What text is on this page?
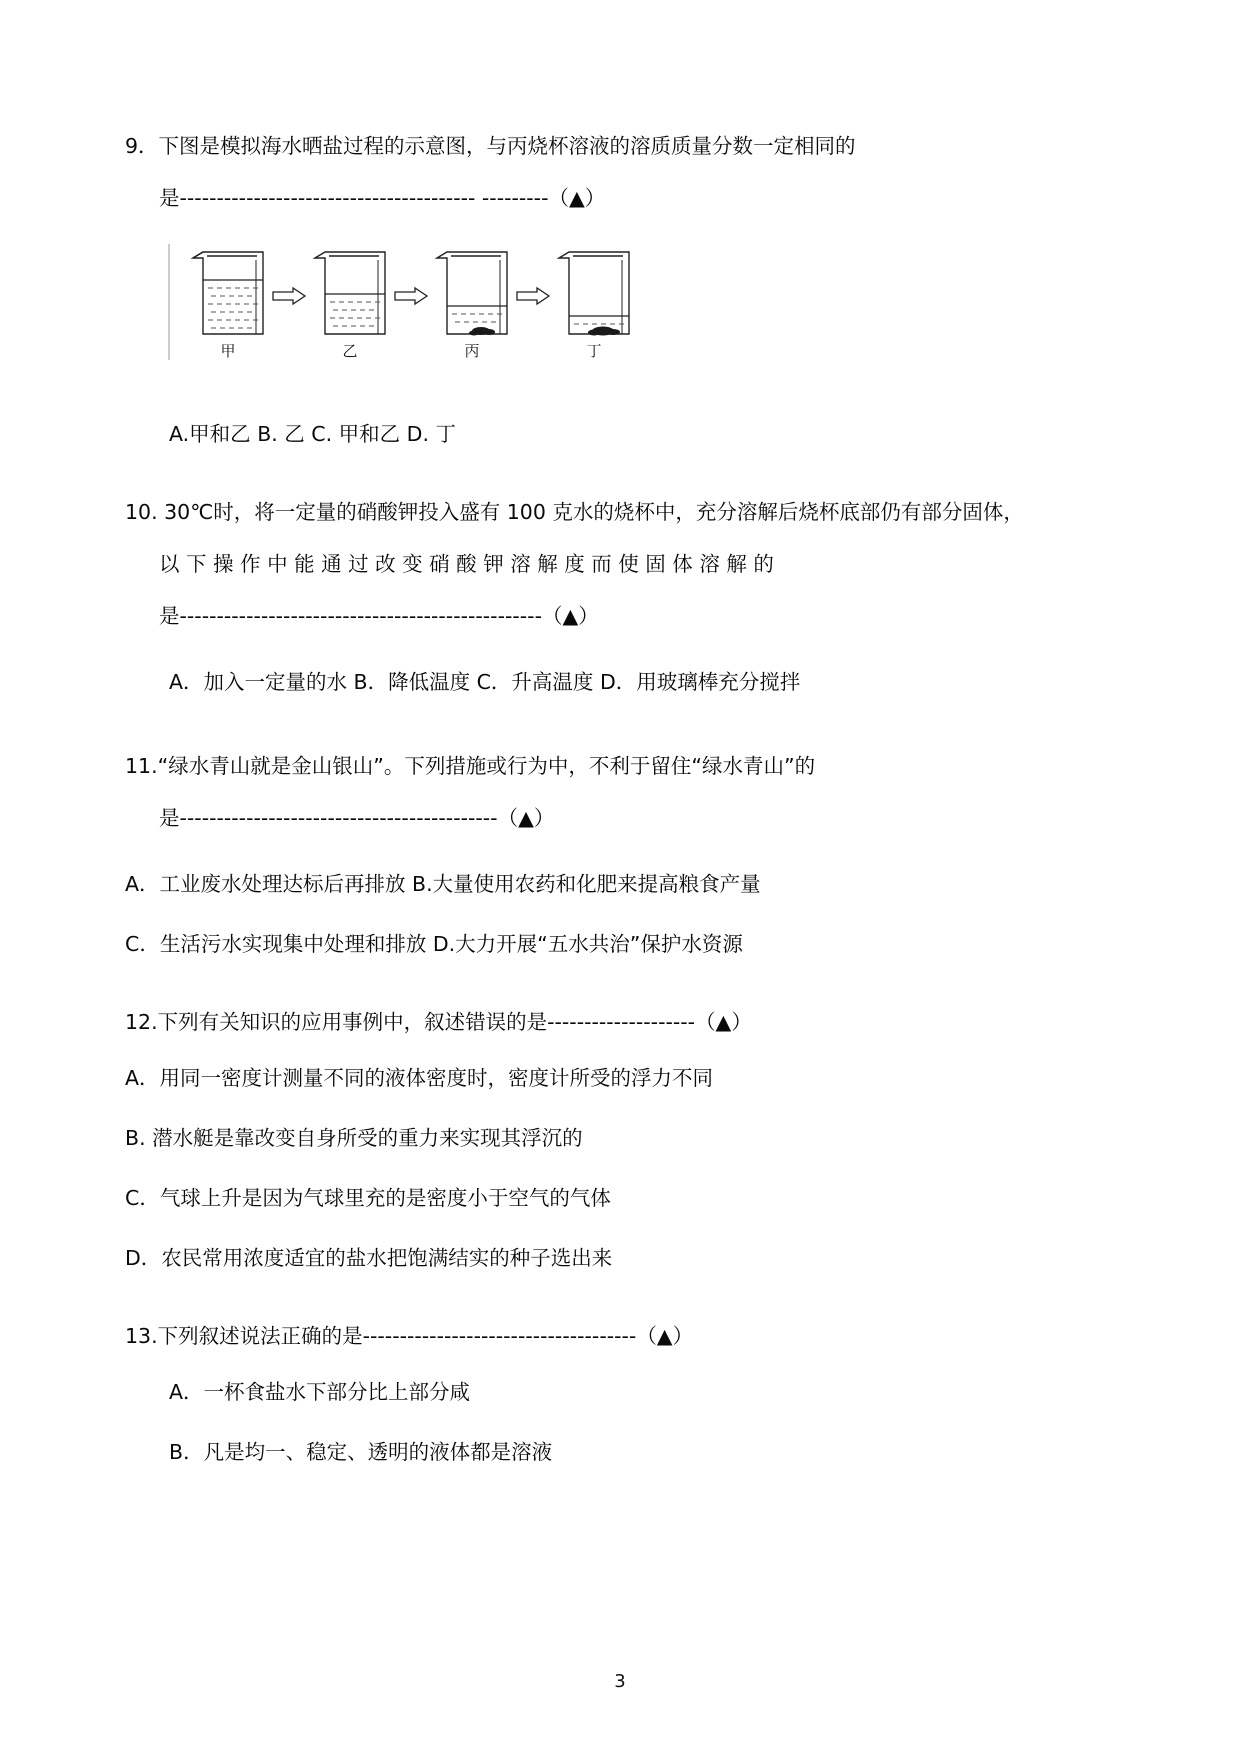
9．下图是模拟海水晒盐过程的示意图，与丙烧杯溶液的溶质质量分数一定相同的
是---------------------------------------- ---------（▲）
甲	乙	丙	丁
A.甲和乙 B. 乙 C. 甲和乙 D. 丁
10. 30℃时，将一定量的硝酸钾投入盛有 100 克水的烧杯中，充分溶解后烧杯底部仍有部分固体，
以 下 操 作 中 能 通 过 改 变 硝 酸 钾 溶 解 度 而 使 固 体 溶 解 的
是-------------------------------------------------（▲）
A．加入一定量的水 B．降低温度 C．升高温度 D．用玻璃棒充分搅拌
11.“绿水青山就是金山银山”。下列措施或行为中，不利于留住“绿水青山”的
是-------------------------------------------（▲）
A．工业废水处理达标后再排放 B.大量使用农药和化肥来提高粮食产量
C．生活污水实现集中处理和排放 D.大力开展“五水共治”保护水资源
12.下列有关知识的应用事例中，叙述错误的是--------------------（▲）
A．用同一密度计测量不同的液体密度时，密度计所受的浮力不同
B. 潜水艇是靠改变自身所受的重力来实现其浮沉的
C．气球上升是因为气球里充的是密度小于空气的气体
D．农民常用浓度适宜的盐水把饱满结实的种子选出来
13.下列叙述说法正确的是-------------------------------------（▲）
A．一杯食盐水下部分比上部分咸
B．凡是均一、稳定、透明的液体都是溶液
3
